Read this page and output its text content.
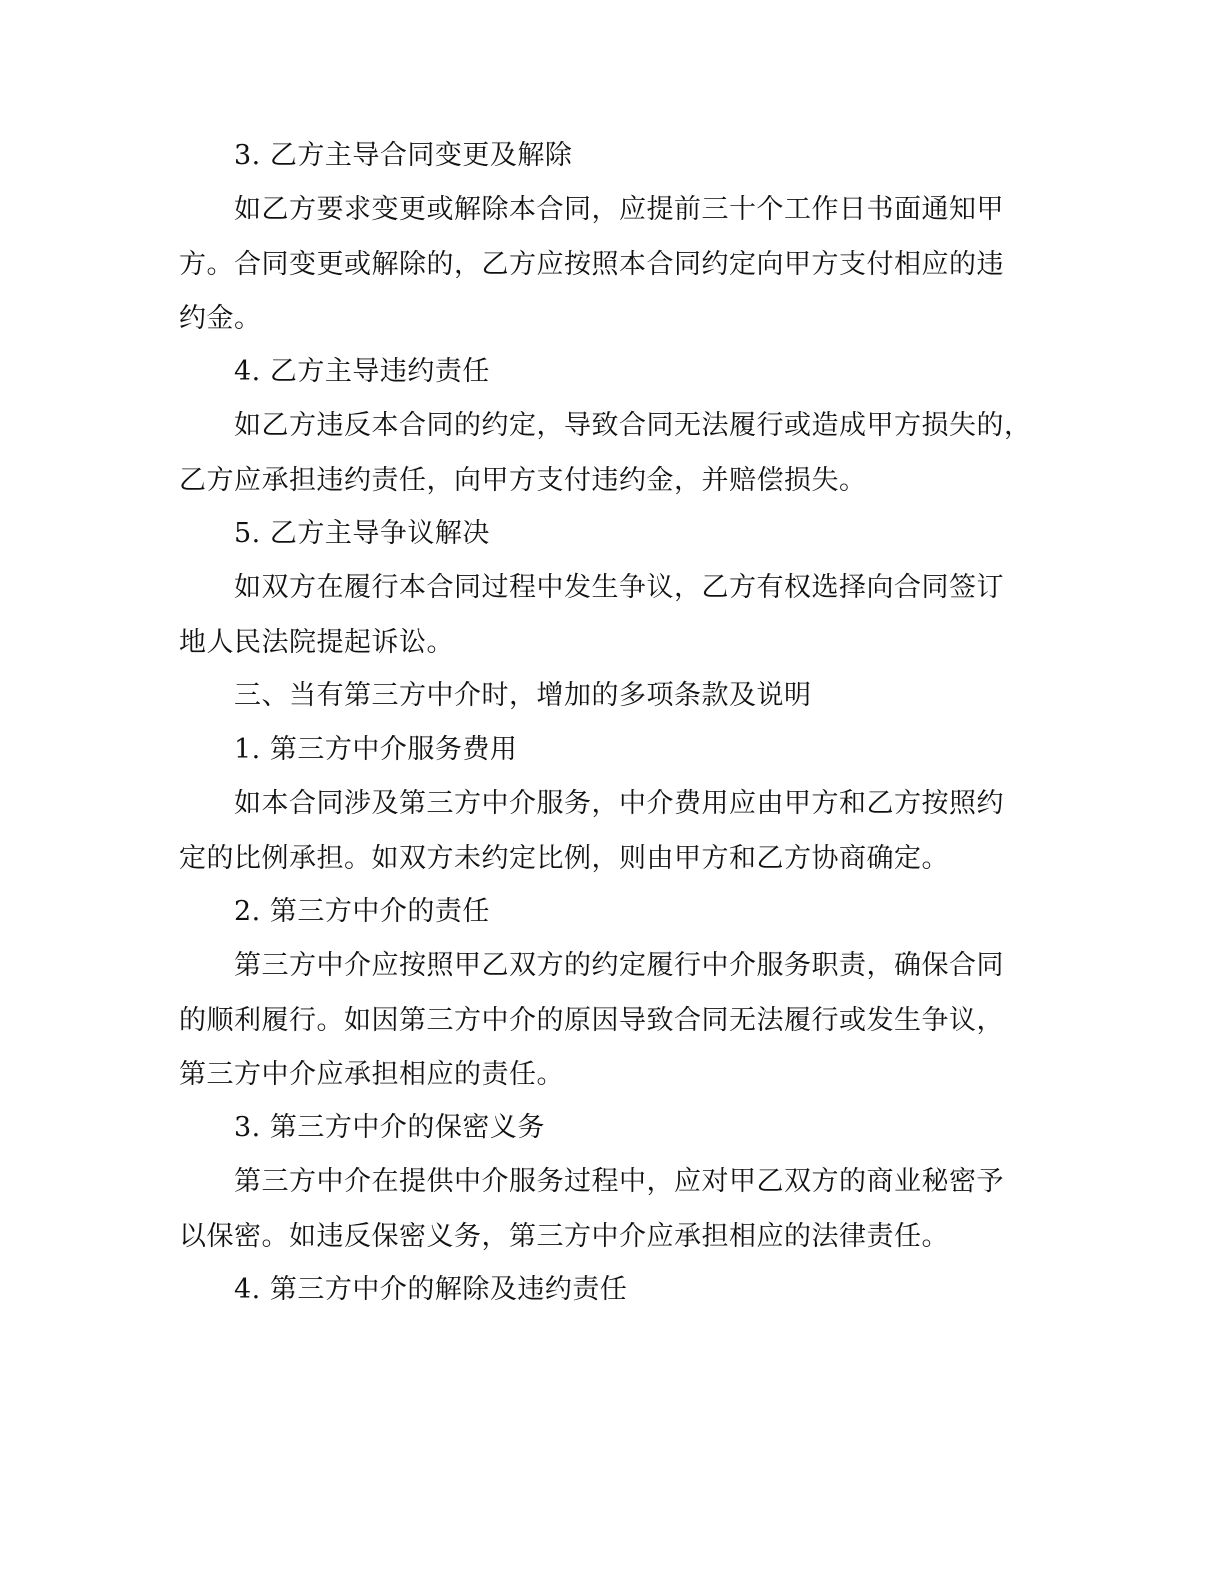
3. 乙方主导合同变更及解除
如乙方要求变更或解除本合同，应提前三十个工作日书面通知甲
方。合同变更或解除的，乙方应按照本合同约定向甲方支付相应的违
约金。
4. 乙方主导违约责任
如乙方违反本合同的约定，导致合同无法履行或造成甲方损失的，
乙方应承担违约责任，向甲方支付违约金，并赔偿损失。
5. 乙方主导争议解决
如双方在履行本合同过程中发生争议，乙方有权选择向合同签订
地人民法院提起诉讼。
三、当有第三方中介时，增加的多项条款及说明
1. 第三方中介服务费用
如本合同涉及第三方中介服务，中介费用应由甲方和乙方按照约
定的比例承担。如双方未约定比例，则由甲方和乙方协商确定。
2. 第三方中介的责任
第三方中介应按照甲乙双方的约定履行中介服务职责，确保合同
的顺利履行。如因第三方中介的原因导致合同无法履行或发生争议，
第三方中介应承担相应的责任。
3. 第三方中介的保密义务
第三方中介在提供中介服务过程中，应对甲乙双方的商业秘密予
以保密。如违反保密义务，第三方中介应承担相应的法律责任。
4. 第三方中介的解除及违约责任
